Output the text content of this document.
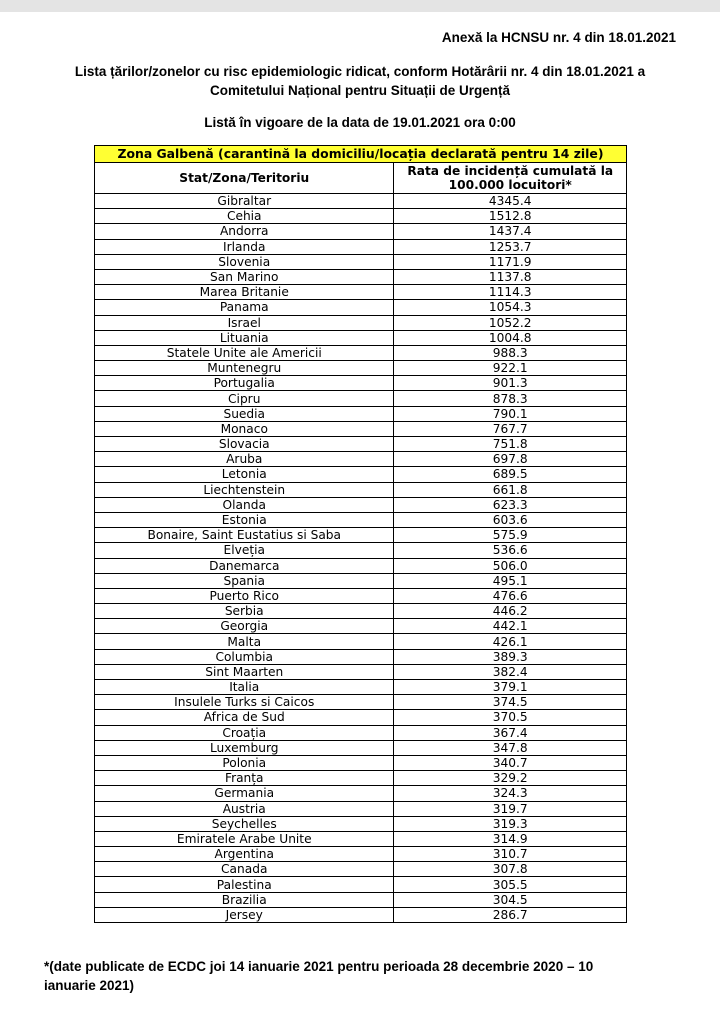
Anexă la HCNSU nr. 4 din 18.01.2021
Lista țărilor/zonelor cu risc epidemiologic ridicat, conform Hotărârii nr. 4 din 18.01.2021 a
Comitetului Național pentru Situații de Urgență
Listă în vigoare de la data de 19.01.2021 ora 0:00
Zona Galbenă (carantină la domiciliu/locația declarată pentru 14 zile)	
Stat/Zona/Teritoriu	Rata de incidență cumulată la
100.000 locuitori*

Gibraltar	4345.4
Cehia	1512.8
Andorra	1437.4
Irlanda	1253.7
Slovenia	1171.9
San Marino	1137.8
Marea Britanie	1114.3
Panama	1054.3
Israel	1052.2
Lituania	1004.8
Statele Unite ale Americii	988.3
Muntenegru	922.1
Portugalia	901.3
Cipru	878.3
Suedia	790.1
Monaco	767.7
Slovacia	751.8
Aruba	697.8
Letonia	689.5
Liechtenstein	661.8
Olanda	623.3
Estonia	603.6
Bonaire, Saint Eustatius si Saba	575.9
Elveția	536.6
Danemarca	506.0
Spania	495.1
Puerto Rico	476.6
Serbia	446.2
Georgia	442.1
Malta	426.1
Columbia	389.3
Sint Maarten	382.4
Italia	379.1
Insulele Turks si Caicos	374.5
Africa de Sud	370.5
Croația	367.4
Luxemburg	347.8
Polonia	340.7
Franța	329.2
Germania	324.3
Austria	319.7
Seychelles	319.3
Emiratele Arabe Unite	314.9
Argentina	310.7
Canada	307.8
Palestina	305.5
Brazilia	304.5
Jersey	286.7
*(date publicate de ECDC joi 14 ianuarie 2021 pentru perioada 28 decembrie 2020 – 10
ianuarie 2021)
